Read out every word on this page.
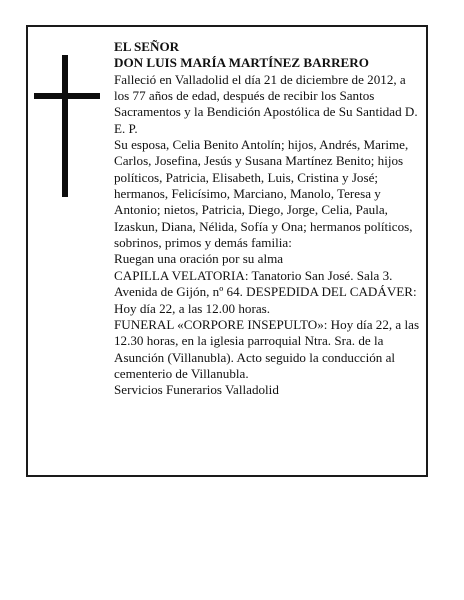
EL SEÑOR

DON LUIS MARÍA MARTÍNEZ BARRERO

Falleció en Valladolid el día 21 de diciembre de 2012, a los 77 años de edad, después de recibir los Santos Sacramentos y la Bendición Apostólica de Su Santidad D. E. P.

Su esposa, Celia Benito Antolín; hijos, Andrés, Marime, Carlos, Josefina, Jesús y Susana Martínez Benito; hijos políticos, Patricia, Elisabeth, Luis, Cristina y José; hermanos, Felicísimo, Marciano, Manolo, Teresa y Antonio; nietos, Patricia, Diego, Jorge, Celia, Paula, Izaskun, Diana, Nélida, Sofía y Ona; hermanos políticos, sobrinos, primos y demás familia:

Ruegan una oración por su alma

CAPILLA VELATORIA: Tanatorio San José. Sala 3. Avenida de Gijón, nº 64. DESPEDIDA DEL CADÁVER: Hoy día 22, a las 12.00 horas.

FUNERAL «CORPORE INSEPULTO»: Hoy día 22, a las 12.30 horas, en la iglesia parroquial Ntra. Sra. de la Asunción (Villanubla). Acto seguido la conducción al cementerio de Villanubla.

Servicios Funerarios Valladolid
